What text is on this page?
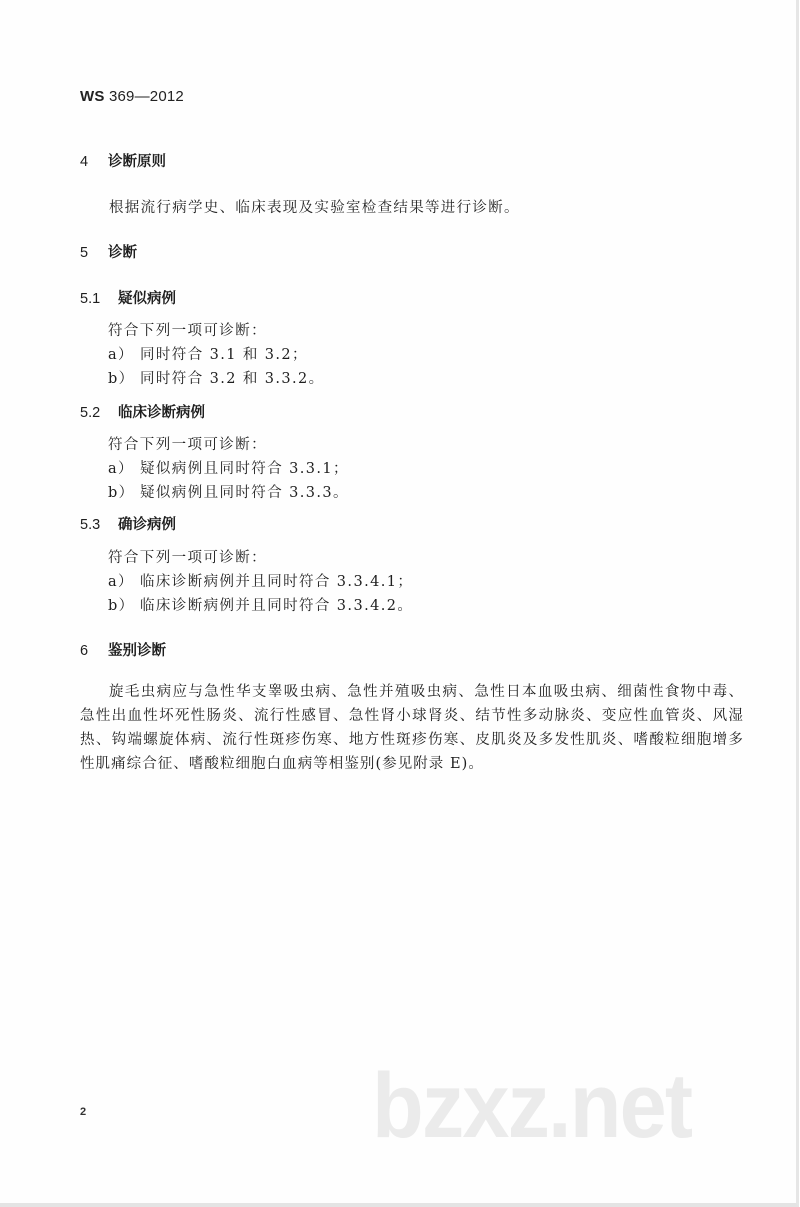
WS 369—2012
4 诊断原则
根据流行病学史、临床表现及实验室检查结果等进行诊断。
5 诊断
5.1 疑似病例
符合下列一项可诊断：
a） 同时符合 3.1 和 3.2；
b） 同时符合 3.2 和 3.3.2。
5.2 临床诊断病例
符合下列一项可诊断：
a） 疑似病例且同时符合 3.3.1；
b） 疑似病例且同时符合 3.3.3。
5.3 确诊病例
符合下列一项可诊断：
a） 临床诊断病例并且同时符合 3.3.4.1；
b） 临床诊断病例并且同时符合 3.3.4.2。
6 鉴别诊断
旋毛虫病应与急性华支睾吸虫病、急性并殖吸虫病、急性日本血吸虫病、细菌性食物中毒、急性出血性坏死性肠炎、流行性感冒、急性肾小球肾炎、结节性多动脉炎、变应性血管炎、风湿热、钩端螺旋体病、流行性斑疹伤寒、地方性斑疹伤寒、皮肌炎及多发性肌炎、嗜酸粒细胞增多性肌痛综合征、嗜酸粒细胞白血病等相鉴别(参见附录 E)。
2	bzxz.net
